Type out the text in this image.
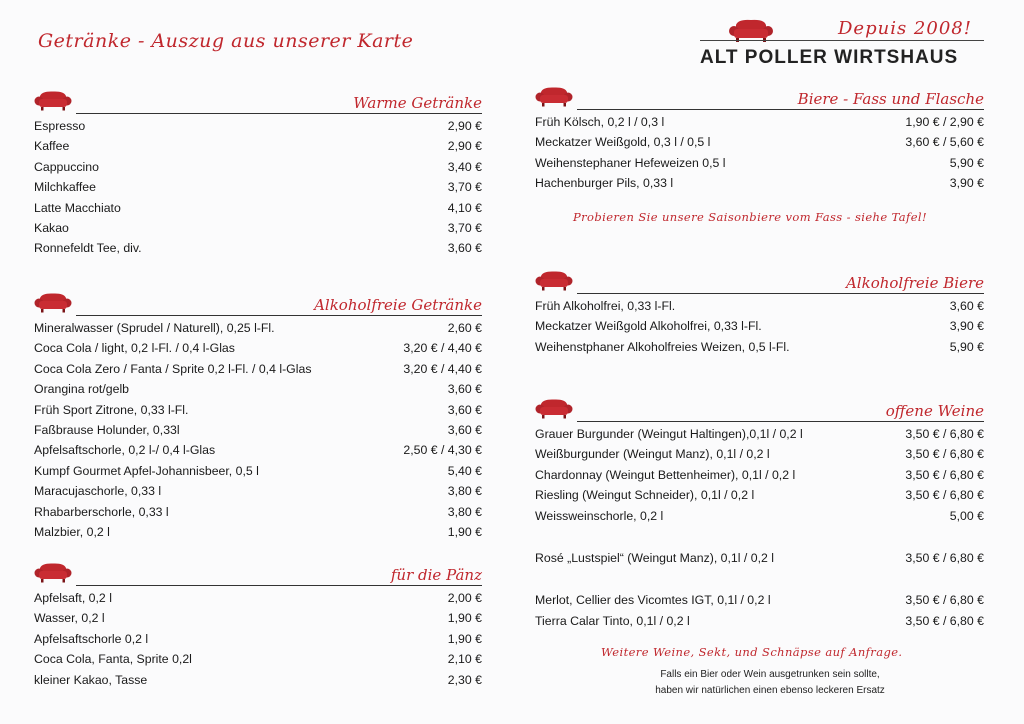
Getränke - Auszug aus unserer Karte
Depuis 2008!
ALT POLLER WIRTSHAUS
Warme Getränke
Espresso	2,90 €
Kaffee	2,90 €
Cappuccino	3,40 €
Milchkaffee	3,70 €
Latte Macchiato	4,10 €
Kakao	3,70 €
Ronnefeldt Tee, div.	3,60 €
Alkoholfreie Getränke
Mineralwasser (Sprudel / Naturell), 0,25 l-Fl.	2,60 €
Coca Cola / light, 0,2 l-Fl. / 0,4 l-Glas	3,20 € / 4,40 €
Coca Cola Zero / Fanta / Sprite 0,2 l-Fl. / 0,4 l-Glas	3,20 € / 4,40 €
Orangina rot/gelb	3,60 €
Früh Sport Zitrone, 0,33 l-Fl.	3,60 €
Faßbrause Holunder, 0,33l	3,60 €
Apfelsaftschorle, 0,2 l-/ 0,4 l-Glas	2,50 € / 4,30 €
Kumpf Gourmet Apfel-Johannisbeer, 0,5 l	5,40 €
Maracujaschorle, 0,33 l	3,80 €
Rhabarberschorle, 0,33 l	3,80 €
Malzbier, 0,2 l	1,90 €
für die Pänz
Apfelsaft, 0,2 l	2,00 €
Wasser, 0,2 l	1,90 €
Apfelsaftschorle 0,2 l	1,90 €
Coca Cola, Fanta, Sprite 0,2l	2,10 €
kleiner Kakao, Tasse	2,30 €
Biere - Fass und Flasche
Früh Kölsch, 0,2 l / 0,3 l	1,90 € / 2,90 €
Meckatzer Weißgold, 0,3 l / 0,5 l	3,60 € / 5,60 €
Weihenstephaner Hefeweizen 0,5 l	5,90 €
Hachenburger Pils, 0,33 l	3,90 €
Probieren Sie unsere Saisonbiere vom Fass - siehe Tafel!
Alkoholfreie Biere
Früh Alkoholfrei, 0,33 l-Fl.	3,60 €
Meckatzer Weißgold Alkoholfrei, 0,33 l-Fl.	3,90 €
Weihenstphaner Alkoholfreies Weizen, 0,5 l-Fl.	5,90 €
offene Weine
Grauer Burgunder (Weingut Haltingen),0,1l / 0,2 l	3,50 € / 6,80 €
Weißburgunder (Weingut Manz), 0,1l / 0,2 l	3,50 € / 6,80 €
Chardonnay (Weingut Bettenheimer), 0,1l / 0,2 l	3,50 € / 6,80 €
Riesling (Weingut Schneider), 0,1l / 0,2 l	3,50 € / 6,80 €
Weissweinschorle, 0,2 l	5,00 €
Rosé „Lustspiel“ (Weingut Manz), 0,1l / 0,2 l	3,50 € / 6,80 €
Merlot, Cellier des Vicomtes IGT, 0,1l / 0,2 l	3,50 € / 6,80 €
Tierra Calar Tinto, 0,1l / 0,2 l	3,50 € / 6,80 €
Weitere Weine, Sekt, und Schnäpse auf Anfrage.
Falls ein Bier oder Wein ausgetrunken sein sollte,
haben wir natürlichen einen ebenso leckeren Ersatz
